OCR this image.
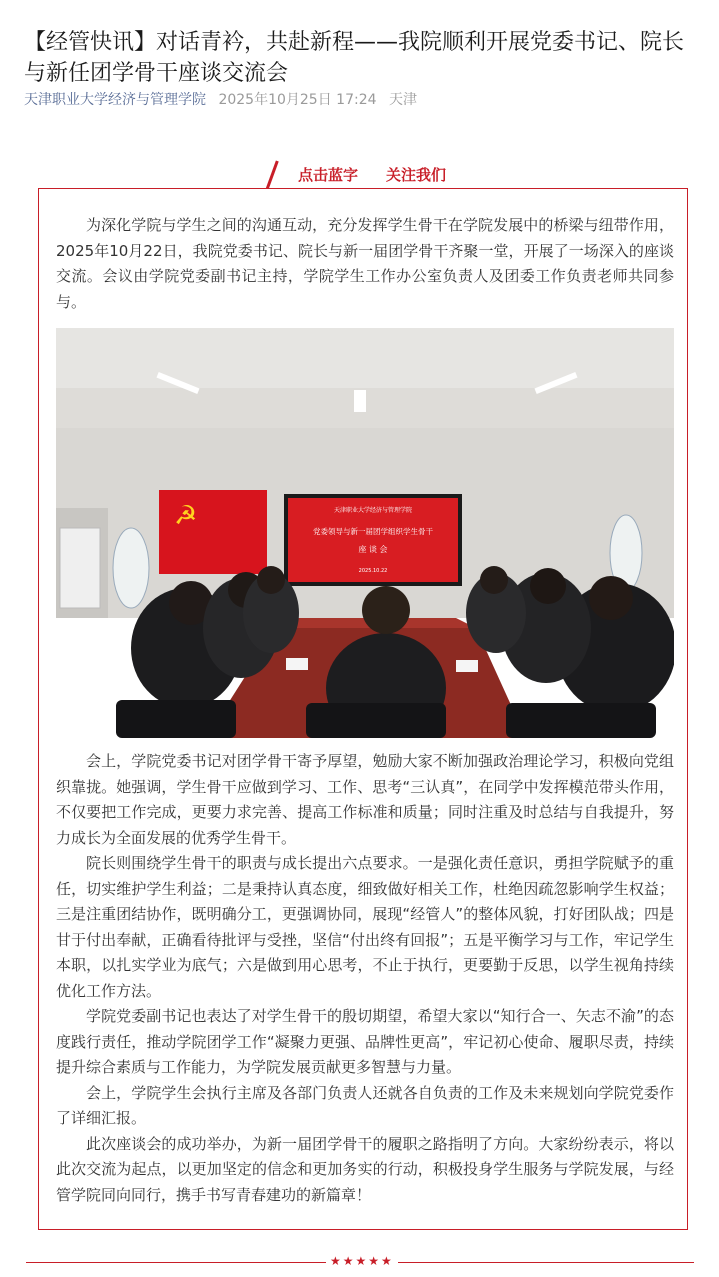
【经管快讯】对话青衿，共赴新程——我院顺利开展党委书记、院长与新任团学骨干座谈交流会
天津职业大学经济与管理学院 2025年10月25日 17:24 天津
点击蓝字 关注我们

为深化学院与学生之间的沟通互动，充分发挥学生骨干在学院发展中的桥梁与纽带作用，2025年10月22日，我院党委书记、院长与新一届团学骨干齐聚一堂，开展了一场深入的座谈交流。会议由学院党委副书记主持，学院学生工作办公室负责人及团委工作负责老师共同参与。

☭	天津职业大学经济与管理学院
党委领导与新一届团学组织学生骨干
座 谈 会
2025.10.22

会上，学院党委书记对团学骨干寄予厚望，勉励大家不断加强政治理论学习，积极向党组织靠拢。她强调，学生骨干应做到学习、工作、思考“三认真”，在同学中发挥模范带头作用，不仅要把工作完成，更要力求完善、提高工作标准和质量；同时注重及时总结与自我提升，努力成长为全面发展的优秀学生骨干。

院长则围绕学生骨干的职责与成长提出六点要求。一是强化责任意识，勇担学院赋予的重任，切实维护学生利益；二是秉持认真态度，细致做好相关工作，杜绝因疏忽影响学生权益；三是注重团结协作，既明确分工，更强调协同，展现“经管人”的整体风貌，打好团队战；四是甘于付出奉献，正确看待批评与受挫，坚信“付出终有回报”；五是平衡学习与工作，牢记学生本职，以扎实学业为底气；六是做到用心思考，不止于执行，更要勤于反思，以学生视角持续优化工作方法。

学院党委副书记也表达了对学生骨干的殷切期望，希望大家以“知行合一、矢志不渝”的态度践行责任，推动学院团学工作“凝聚力更强、品牌性更高”，牢记初心使命、履职尽责，持续提升综合素质与工作能力，为学院发展贡献更多智慧与力量。

会上，学院学生会执行主席及各部门负责人还就各自负责的工作及未来规划向学院党委作了详细汇报。

此次座谈会的成功举办，为新一届团学骨干的履职之路指明了方向。大家纷纷表示，将以此次交流为起点，以更加坚定的信念和更加务实的行动，积极投身学生服务与学院发展，与经管学院同向同行，携手书写青春建功的新篇章！

★★★★★
